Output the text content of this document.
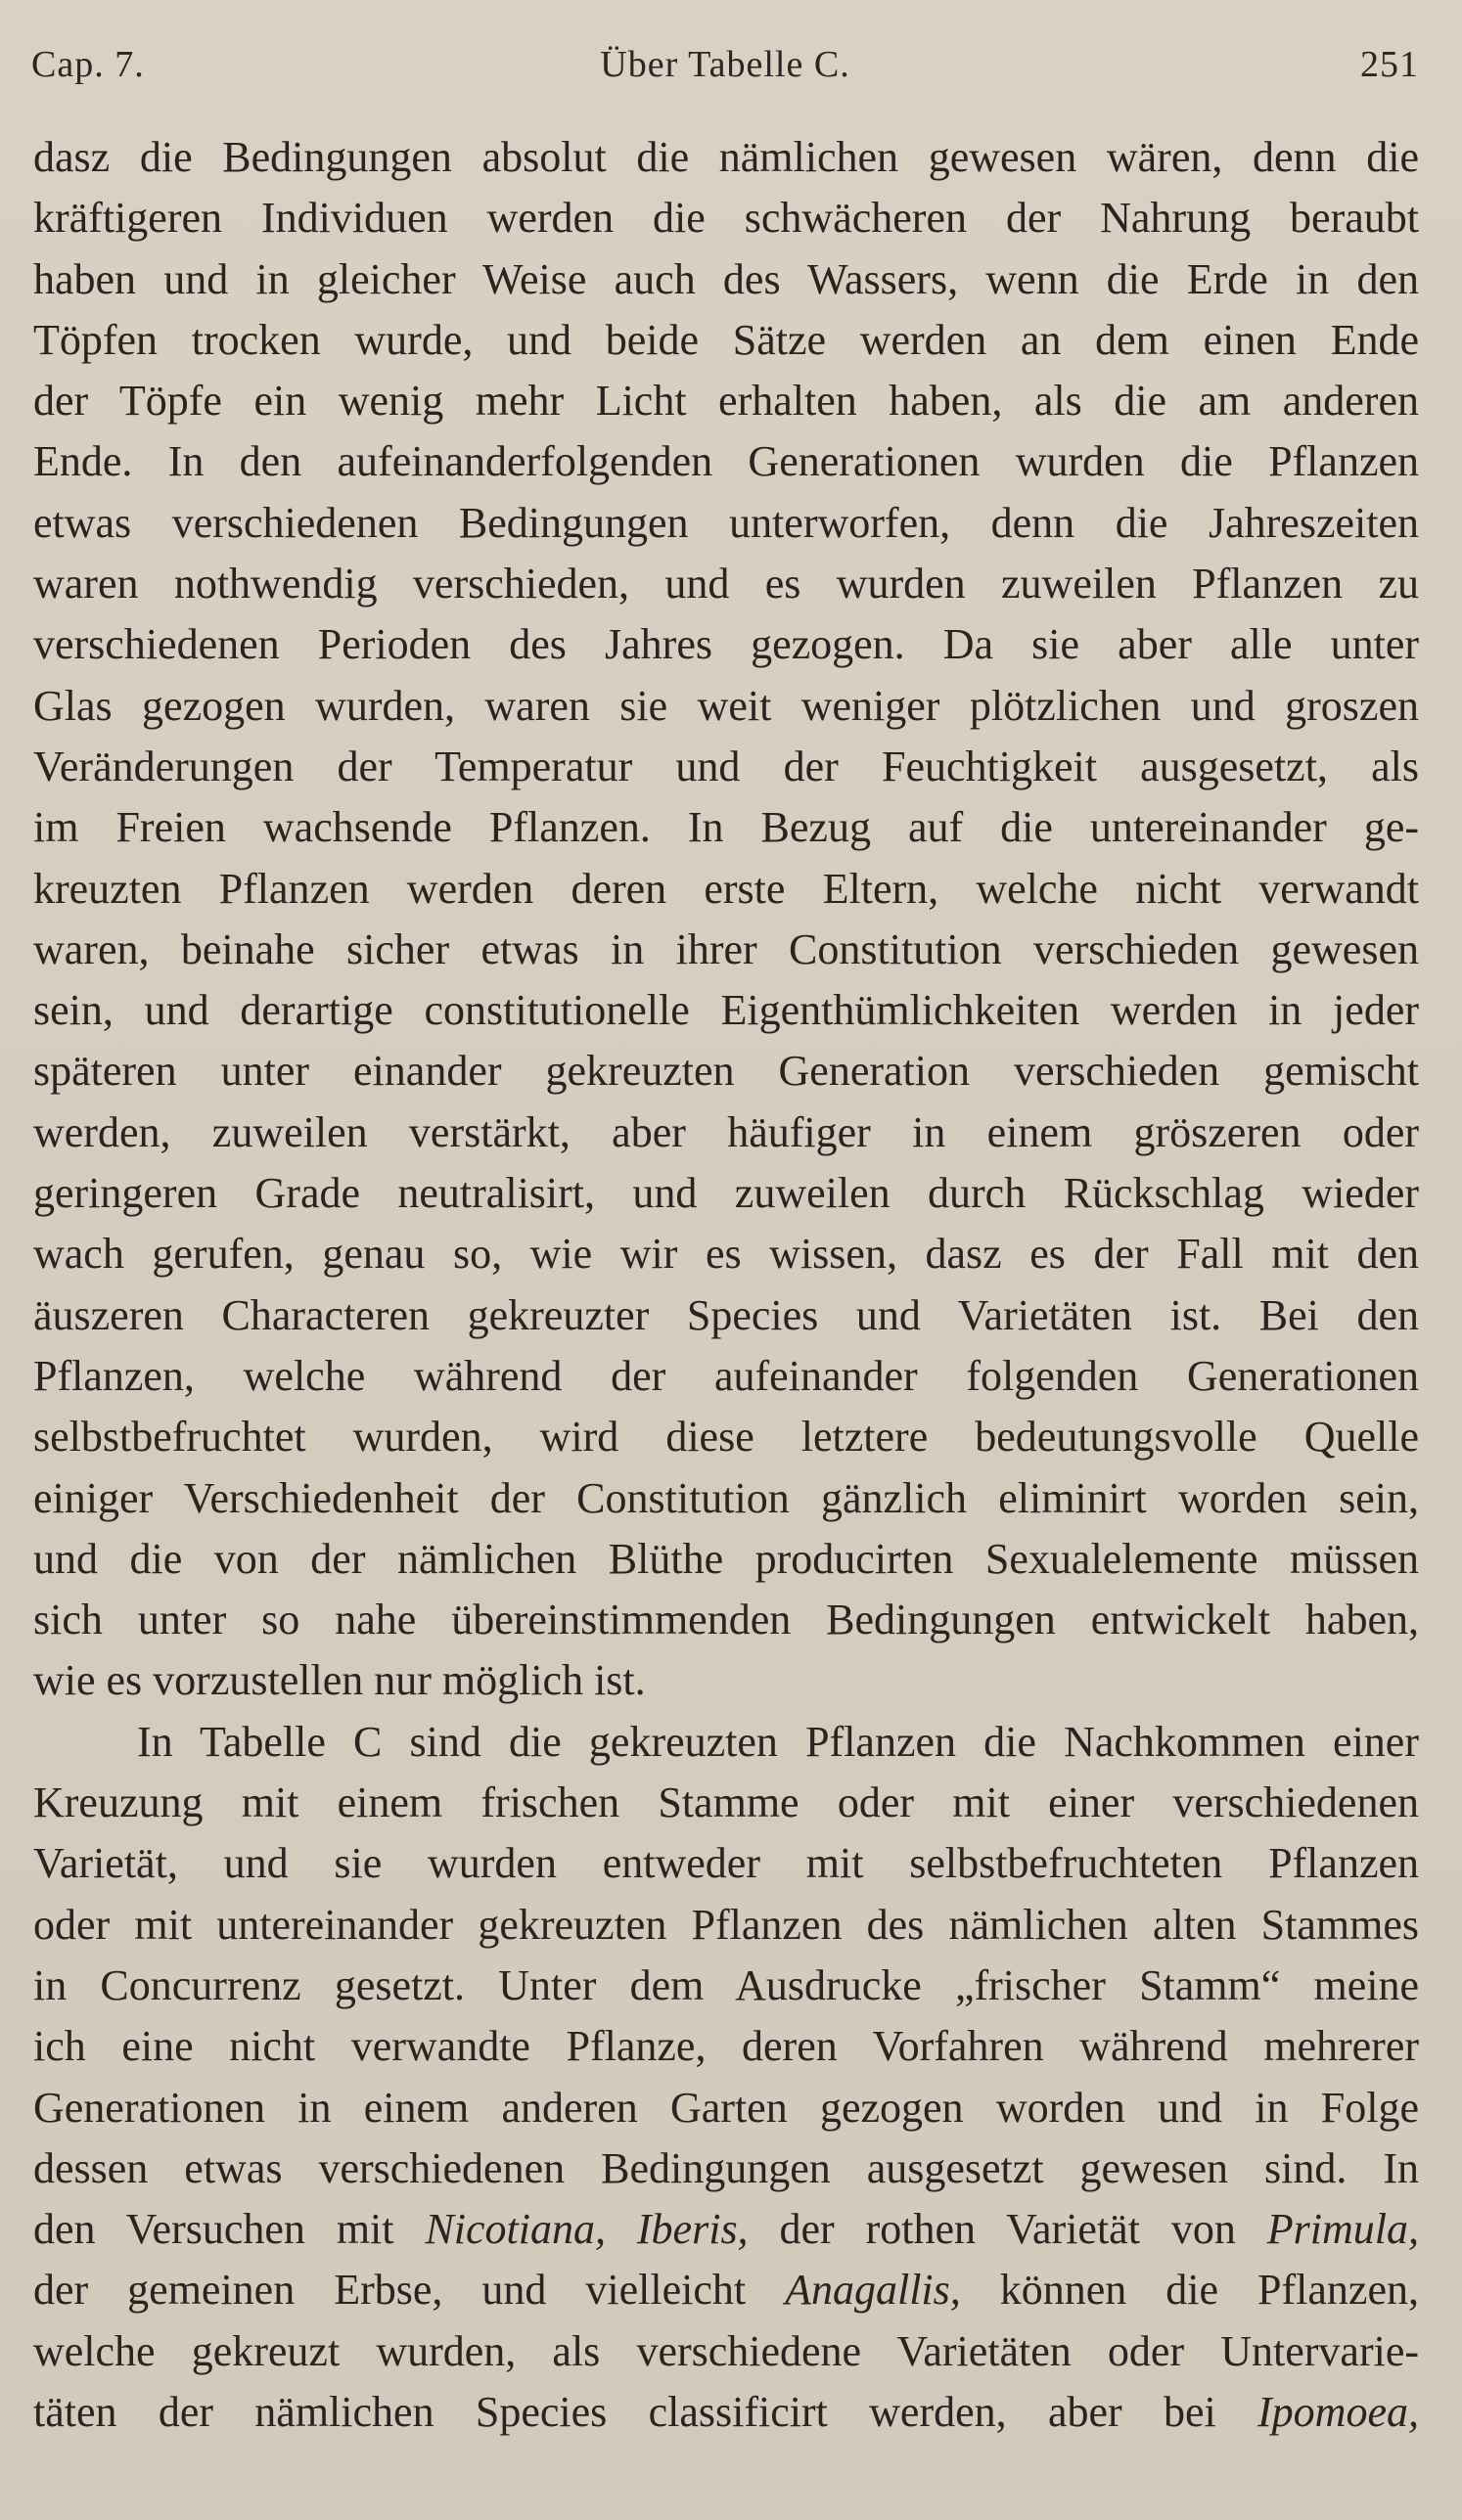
Cap. 7.	Über Tabelle C.	251
dasz die Bedingungen absolut die nämlichen gewesen wären, denn die
kräftigeren Individuen werden die schwächeren der Nahrung beraubt
haben und in gleicher Weise auch des Wassers, wenn die Erde in den
Töpfen trocken wurde, und beide Sätze werden an dem einen Ende
der Töpfe ein wenig mehr Licht erhalten haben, als die am anderen
Ende. In den aufeinanderfolgenden Generationen wurden die Pflanzen
etwas verschiedenen Bedingungen unterworfen, denn die Jahreszeiten
waren nothwendig verschieden, und es wurden zuweilen Pflanzen zu
verschiedenen Perioden des Jahres gezogen. Da sie aber alle unter
Glas gezogen wurden, waren sie weit weniger plötzlichen und groszen
Veränderungen der Temperatur und der Feuchtigkeit ausgesetzt, als
im Freien wachsende Pflanzen. In Bezug auf die untereinander ge-
kreuzten Pflanzen werden deren erste Eltern, welche nicht verwandt
waren, beinahe sicher etwas in ihrer Constitution verschieden gewesen
sein, und derartige constitutionelle Eigenthümlichkeiten werden in jeder
späteren unter einander gekreuzten Generation verschieden gemischt
werden, zuweilen verstärkt, aber häufiger in einem gröszeren oder
geringeren Grade neutralisirt, und zuweilen durch Rückschlag wieder
wach gerufen, genau so, wie wir es wissen, dasz es der Fall mit den
äuszeren Characteren gekreuzter Species und Varietäten ist. Bei den
Pflanzen, welche während der aufeinander folgenden Generationen
selbstbefruchtet wurden, wird diese letztere bedeutungsvolle Quelle
einiger Verschiedenheit der Constitution gänzlich eliminirt worden sein,
und die von der nämlichen Blüthe producirten Sexualelemente müssen
sich unter so nahe übereinstimmenden Bedingungen entwickelt haben,
wie es vorzustellen nur möglich ist.
In Tabelle C sind die gekreuzten Pflanzen die Nachkommen einer
Kreuzung mit einem frischen Stamme oder mit einer verschiedenen
Varietät, und sie wurden entweder mit selbstbefruchteten Pflanzen
oder mit untereinander gekreuzten Pflanzen des nämlichen alten Stammes
in Concurrenz gesetzt. Unter dem Ausdrucke „frischer Stamm“ meine
ich eine nicht verwandte Pflanze, deren Vorfahren während mehrerer
Generationen in einem anderen Garten gezogen worden und in Folge
dessen etwas verschiedenen Bedingungen ausgesetzt gewesen sind. In
den Versuchen mit Nicotiana, Iberis, der rothen Varietät von Primula,
der gemeinen Erbse, und vielleicht Anagallis, können die Pflanzen,
welche gekreuzt wurden, als verschiedene Varietäten oder Untervarie-
täten der nämlichen Species classificirt werden, aber bei Ipomoea,
